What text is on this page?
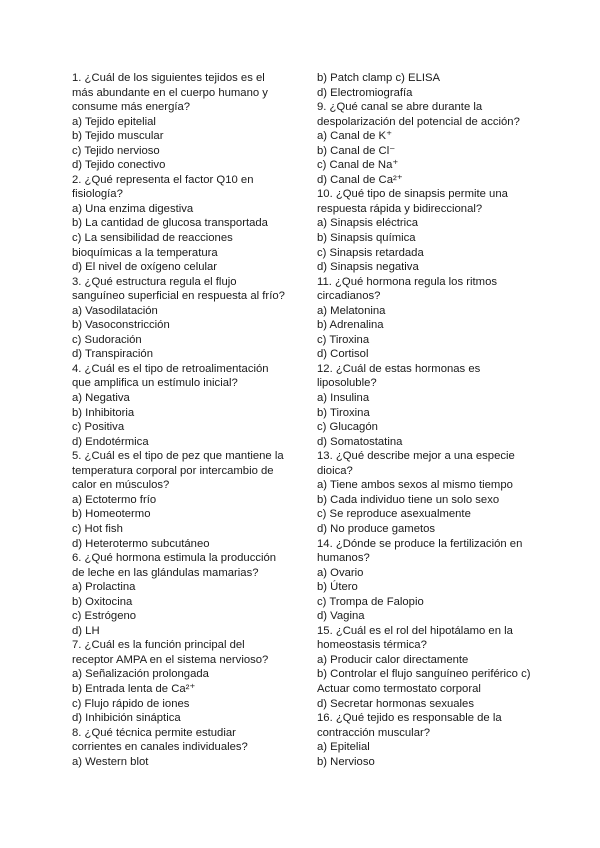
1. ¿Cuál de los siguientes tejidos es el
más abundante en el cuerpo humano y
consume más energía?
a) Tejido epitelial
b) Tejido muscular
c) Tejido nervioso
d) Tejido conectivo
2. ¿Qué representa el factor Q10 en
fisiología?
a) Una enzima digestiva
b) La cantidad de glucosa transportada
c) La sensibilidad de reacciones
bioquímicas a la temperatura
d) El nivel de oxígeno celular
3. ¿Qué estructura regula el flujo
sanguíneo superficial en respuesta al frío?
a) Vasodilatación
b) Vasoconstricción
c) Sudoración
d) Transpiración
4. ¿Cuál es el tipo de retroalimentación
que amplifica un estímulo inicial?
a) Negativa
b) Inhibitoria
c) Positiva
d) Endotérmica
5. ¿Cuál es el tipo de pez que mantiene la
temperatura corporal por intercambio de
calor en músculos?
a) Ectotermo frío
b) Homeotermo
c) Hot fish
d) Heterotermo subcutáneo
6. ¿Qué hormona estimula la producción
de leche en las glándulas mamarias?
a) Prolactina
b) Oxitocina
c) Estrógeno
d) LH
7. ¿Cuál es la función principal del
receptor AMPA en el sistema nervioso?
a) Señalización prolongada
b) Entrada lenta de Ca²⁺
c) Flujo rápido de iones
d) Inhibición sináptica
8. ¿Qué técnica permite estudiar
corrientes en canales individuales?
a) Western blot
b) Patch clamp c) ELISA
d) Electromiografía
9. ¿Qué canal se abre durante la
despolarización del potencial de acción?
a) Canal de K⁺
b) Canal de Cl⁻
c) Canal de Na⁺
d) Canal de Ca²⁺
10. ¿Qué tipo de sinapsis permite una
respuesta rápida y bidireccional?
a) Sinapsis eléctrica
b) Sinapsis química
c) Sinapsis retardada
d) Sinapsis negativa
11. ¿Qué hormona regula los ritmos
circadianos?
a) Melatonina
b) Adrenalina
c) Tiroxina
d) Cortisol
12. ¿Cuál de estas hormonas es
liposoluble?
a) Insulina
b) Tiroxina
c) Glucagón
d) Somatostatina
13. ¿Qué describe mejor a una especie
dioica?
a) Tiene ambos sexos al mismo tiempo
b) Cada individuo tiene un solo sexo
c) Se reproduce asexualmente
d) No produce gametos
14. ¿Dónde se produce la fertilización en
humanos?
a) Ovario
b) Útero
c) Trompa de Falopio
d) Vagina
15. ¿Cuál es el rol del hipotálamo en la
homeostasis térmica?
a) Producir calor directamente
b) Controlar el flujo sanguíneo periférico c)
Actuar como termostato corporal
d) Secretar hormonas sexuales
16. ¿Qué tejido es responsable de la
contracción muscular?
a) Epitelial
b) Nervioso
